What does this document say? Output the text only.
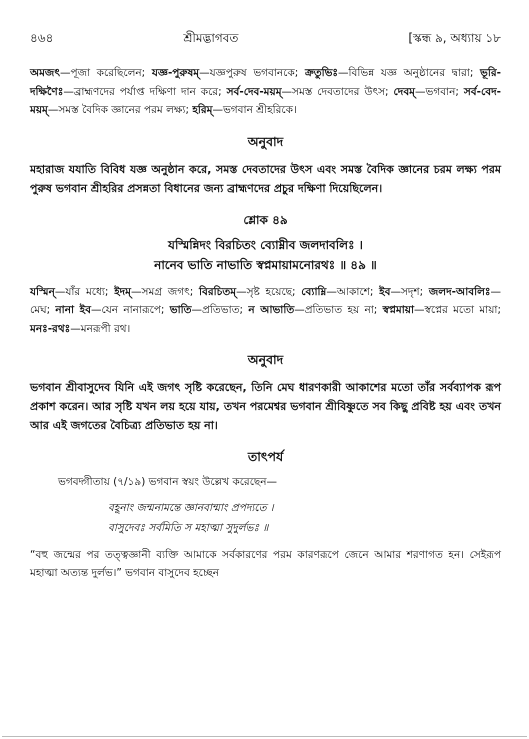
৪৬৪	শ্রীমদ্ভাগবত	[স্কন্ধ ৯, অধ্যায় ১৮

অমজৎ—পূজা করেছিলেন; যজ্ঞ-পুরুষম্—যজ্ঞপুরুষ ভগবানকে; ক্রতুভিঃ—বিভিন্ন যজ্ঞ অনুষ্ঠানের দ্বারা; ভূরি-দক্ষিণৈঃ—ব্রাহ্মণদের পর্যাপ্ত দক্ষিণা দান করে; সর্ব-দেব-ময়ম্—সমস্ত দেবতাদের উৎস; দেবম্—ভগবান; সর্ব-বেদ-ময়ম্—সমস্ত বৈদিক জ্ঞানের পরম লক্ষ্য; হরিম্—ভগবান শ্রীহরিকে।

অনুবাদ

মহারাজ যযাতি বিবিধ যজ্ঞ অনুষ্ঠান করে, সমস্ত দেবতাদের উৎস এবং সমস্ত বৈদিক জ্ঞানের চরম লক্ষ্য পরম পুরুষ ভগবান শ্রীহরির প্রসন্নতা বিধানের জন্য ব্রাহ্মণদের প্রচুর দক্ষিণা দিয়েছিলেন।

শ্লোক ৪৯
যস্মিন্নিদং বিরচিতং ব্যোম্নীব জলদাবলিঃ ।
নানেব ভাতি নাভাতি স্বপ্নমায়ামনোরথঃ ॥ ৪৯ ॥

যস্মিন্—যাঁর মধ্যে; ইদম্—সমগ্র জগৎ; বিরচিতম্—সৃষ্ট হয়েছে; ব্যোম্নি—আকাশে; ইব—সদৃশ; জলদ-আবলিঃ—মেঘ; নানা ইব—যেন নানারূপে; ভাতি—প্রতিভাত; ন আভাতি—প্রতিভাত হয় না; স্বপ্নমায়া—স্বপ্নের মতো মায়া; মনঃ-রথঃ—মনরূপী রথ।

অনুবাদ

ভগবান শ্রীবাসুদেব যিনি এই জগৎ সৃষ্টি করেছেন, তিনি মেঘ ধারণকারী আকাশের মতো তাঁর সর্বব্যাপক রূপ প্রকাশ করেন। আর সৃষ্টি যখন লয় হয়ে যায়, তখন পরমেশ্বর ভগবান শ্রীবিষ্ণুতে সব কিছু প্রবিষ্ট হয় এবং তখন আর এই জগতের বৈচিত্র্য প্রতিভাত হয় না।

তাৎপর্য
ভগবদ্গীতায় (৭/১৯) ভগবান স্বয়ং উল্লেখ করেছেন—
বহূনাং জন্মনামন্তে জ্ঞানবান্মাং প্রপদ্যতে ।
বাসুদেবঃ সর্বমিতি স মহাত্মা সুদুর্লভঃ ॥

“বহু জন্মের পর তত্ত্বজ্ঞানী ব্যক্তি আমাকে সর্বকারণের পরম কারণরূপে জেনে আমার শরণাগত হন। সেইরূপ মহাত্মা অত্যন্ত দুর্লভ।” ভগবান বাসুদেব হচ্ছেন
